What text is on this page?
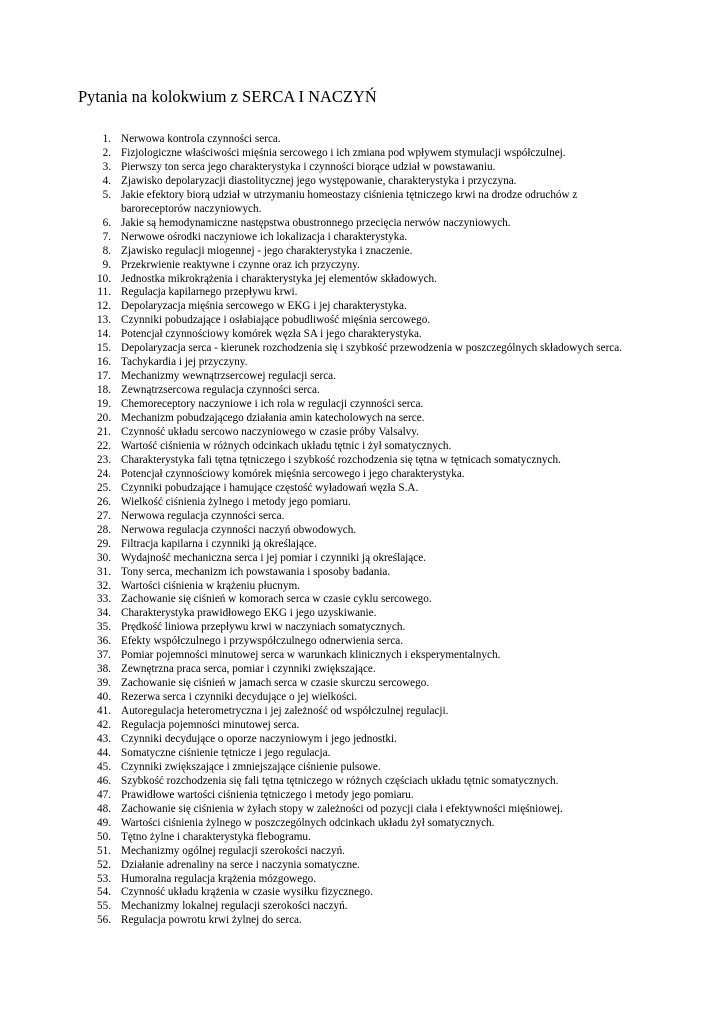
Pytania na kolokwium z SERCA I NACZYŃ
1. Nerwowa kontrola czynności serca.
2. Fizjologiczne właściwości mięśnia sercowego i ich zmiana pod wpływem stymulacji współczulnej.
3. Pierwszy ton serca jego charakterystyka i czynności biorące udział w powstawaniu.
4. Zjawisko depolaryzacji diastolitycznej jego występowanie, charakterystyka i przyczyna.
5. Jakie efektory biorą udział w utrzymaniu homeostazy ciśnienia tętniczego krwi na drodze odruchów z baroreceptorów naczyniowych.
6. Jakie są hemodynamiczne następstwa obustronnego przecięcia nerwów naczyniowych.
7. Nerwowe ośrodki naczyniowe ich lokalizacja i charakterystyka.
8. Zjawisko regulacji miogennej - jego charakterystyka i znaczenie.
9. Przekrwienie reaktywne i czynne oraz ich przyczyny.
10. Jednostka mikrokrążenia i charakterystyka jej elementów składowych.
11. Regulacja kapilarnego przepływu krwi.
12. Depolaryzacja mięśnia sercowego w EKG i jej charakterystyka.
13. Czynniki pobudzające i osłabiające pobudliwość mięśnia sercowego.
14. Potencjał czynnościowy komórek węzła SA i jego charakterystyka.
15. Depolaryzacja serca - kierunek rozchodzenia się i szybkość przewodzenia w poszczególnych składowych serca.
16. Tachykardia i jej przyczyny.
17. Mechanizmy wewnątrzsercowej regulacji serca.
18. Zewnątrzsercowa regulacja czynności serca.
19. Chemoreceptory naczyniowe i ich rola w regulacji czynności serca.
20. Mechanizm pobudzającego działania amin katecholowych na serce.
21. Czynność układu sercowo naczyniowego w czasie próby Valsalvy.
22. Wartość ciśnienia w różnych odcinkach układu tętnic i żył somatycznych.
23. Charakterystyka fali tętna tętniczego i szybkość rozchodzenia się tętna w tętnicach somatycznych.
24. Potencjał czynnościowy komórek mięśnia sercowego i jego charakterystyka.
25. Czynniki pobudzające i hamujące częstość wyładowań węzła S.A.
26. Wielkość ciśnienia żylnego i metody jego pomiaru.
27. Nerwowa regulacja czynności serca.
28. Nerwowa regulacja czynności naczyń obwodowych.
29. Filtracja kapilarna i czynniki ją określające.
30. Wydajność mechaniczna serca i jej pomiar i czynniki ją określające.
31. Tony serca, mechanizm ich powstawania i sposoby badania.
32. Wartości ciśnienia w krążeniu płucnym.
33. Zachowanie się ciśnień w komorach serca w czasie cyklu sercowego.
34. Charakterystyka prawidłowego EKG i jego uzyskiwanie.
35. Prędkość liniowa przepływu krwi w naczyniach somatycznych.
36. Efekty współczulnego i przywspółczulnego odnerwienia serca.
37. Pomiar pojemności minutowej serca w warunkach klinicznych i eksperymentalnych.
38. Zewnętrzna praca serca, pomiar i czynniki zwiększające.
39. Zachowanie się ciśnień w jamach serca w czasie skurczu sercowego.
40. Rezerwa serca i czynniki decydujące o jej wielkości.
41. Autoregulacja heterometryczna i jej zależność od współczulnej regulacji.
42. Regulacja pojemności minutowej serca.
43. Czynniki decydujące o oporze naczyniowym i jego jednostki.
44. Somatyczne ciśnienie tętnicze i jego regulacja.
45. Czynniki zwiększające i zmniejszające ciśnienie pulsowe.
46. Szybkość rozchodzenia się fali tętna tętniczego w różnych częściach układu tętnic somatycznych.
47. Prawidłowe wartości ciśnienia tętniczego i metody jego pomiaru.
48. Zachowanie się ciśnienia w żyłach stopy w zależności od pozycji ciała i efektywności mięśniowej.
49. Wartości ciśnienia żylnego w poszczególnych odcinkach układu żył somatycznych.
50. Tętno żylne i charakterystyka flebogramu.
51. Mechanizmy ogólnej regulacji szerokości naczyń.
52. Działanie adrenaliny na serce i naczynia somatyczne.
53. Humoralna regulacja krążenia mózgowego.
54. Czynność układu krążenia w czasie wysiłku fizycznego.
55. Mechanizmy lokalnej regulacji szerokości naczyń.
56. Regulacja powrotu krwi żylnej do serca.
